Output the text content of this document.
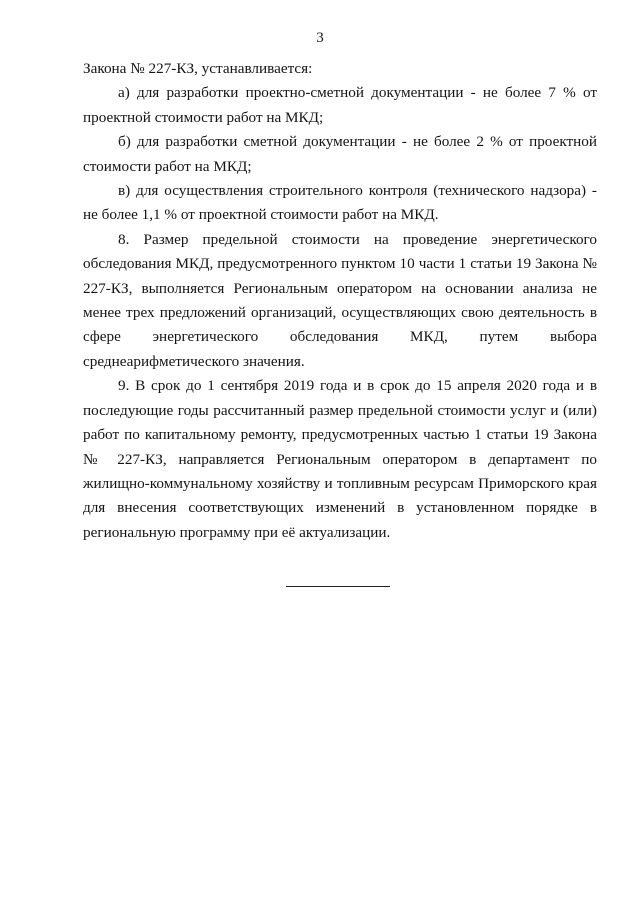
3

Закона № 227-КЗ, устанавливается:

а) для разработки проектно-сметной документации - не более 7 % от проектной стоимости работ на МКД;

б) для разработки сметной документации - не более 2 % от проектной стоимости работ на МКД;

в) для осуществления строительного контроля (технического надзора) - не более 1,1 % от проектной стоимости работ на МКД.

8. Размер предельной стоимости на проведение энергетического обследования МКД, предусмотренного пунктом 10 части 1 статьи 19 Закона № 227-КЗ, выполняется Региональным оператором на основании анализа не менее трех предложений организаций, осуществляющих свою деятельность в сфере энергетического обследования МКД, путем выбора среднеарифметического значения.

9. В срок до 1 сентября 2019 года и в срок до 15 апреля 2020 года и в последующие годы рассчитанный размер предельной стоимости услуг и (или) работ по капитальному ремонту, предусмотренных частью 1 статьи 19 Закона № 227-КЗ, направляется Региональным оператором в департамент по жилищно-коммунальному хозяйству и топливным ресурсам Приморского края для внесения соответствующих изменений в установленном порядке в региональную программу при её актуализации.
